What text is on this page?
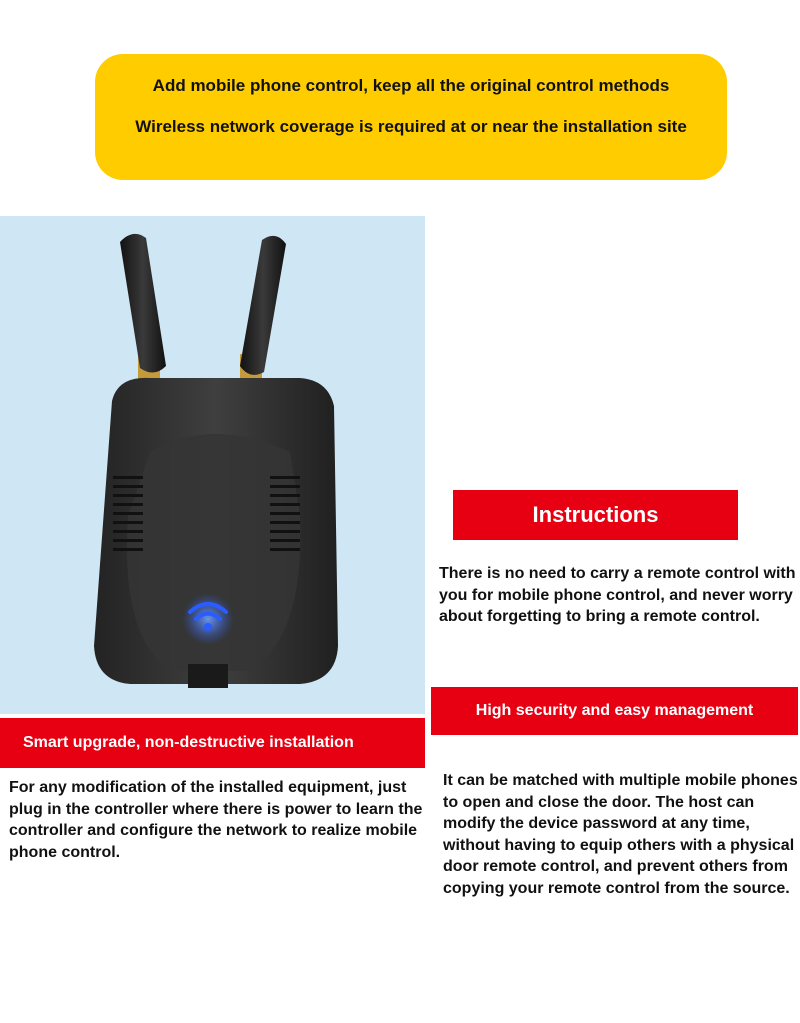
Add mobile phone control, keep all the original control methods
Wireless network coverage is required at or near the installation site
Instructions
There is no need to carry a remote control with you for mobile phone control, and never worry about forgetting to bring a remote control.
High security and easy management
It can be matched with multiple mobile phones to open and close the door. The host can modify the device password at any time, without having to equip others with a physical door remote control, and prevent others from copying your remote control from the source.
Smart upgrade, non-destructive installation
For any modification of the installed equipment, just plug in the controller where there is power to learn the controller and configure the network to realize mobile phone control.
